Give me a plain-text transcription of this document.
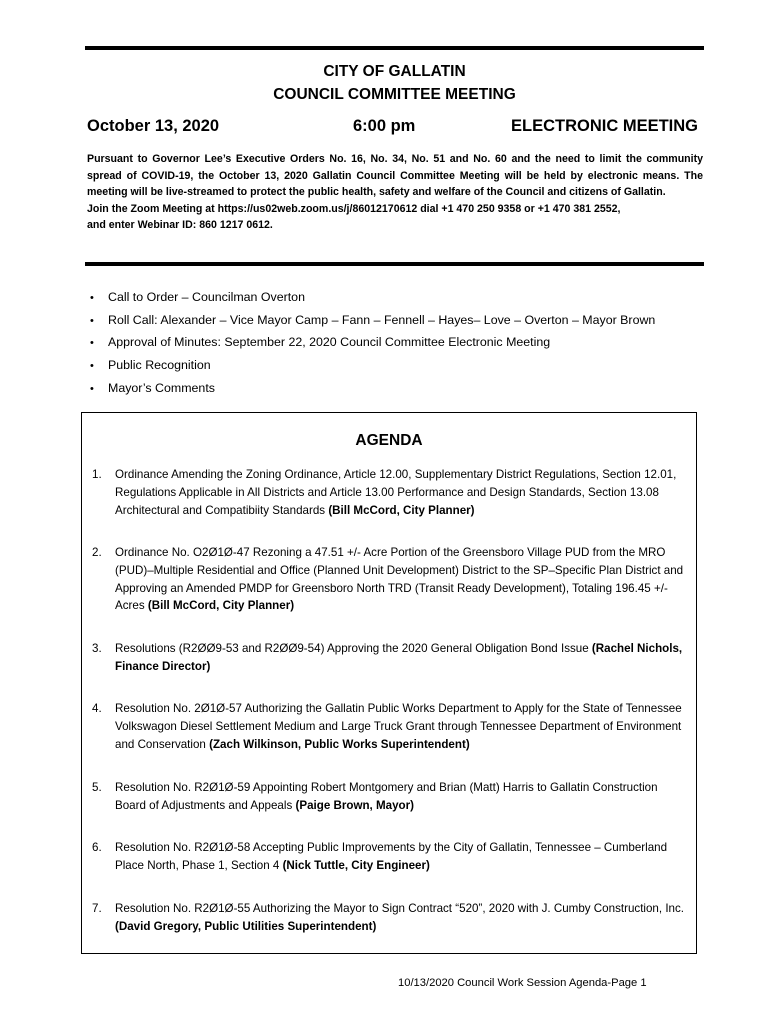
CITY OF GALLATIN
COUNCIL COMMITTEE MEETING
October 13, 2020	6:00 pm	ELECTRONIC MEETING

Pursuant to Governor Lee’s Executive Orders No. 16, No. 34, No. 51 and No. 60 and the need to limit the community spread of COVID-19, the October 13, 2020 Gallatin Council Committee Meeting will be held by electronic means. The meeting will be live-streamed to protect the public health, safety and welfare of the Council and citizens of Gallatin.

Join the Zoom Meeting at https://us02web.zoom.us/j/86012170612 dial +1 470 250 9358 or +1 470 381 2552,
and enter Webinar ID: 860 1217 0612.
• Call to Order – Councilman Overton
• Roll Call: Alexander – Vice Mayor Camp – Fann – Fennell – Hayes– Love – Overton – Mayor Brown
• Approval of Minutes: September 22, 2020 Council Committee Electronic Meeting
• Public Recognition
• Mayor’s Comments
AGENDA
1. Ordinance Amending the Zoning Ordinance, Article 12.00, Supplementary District Regulations, Section 12.01, Regulations Applicable in All Districts and Article 13.00 Performance and Design Standards, Section 13.08 Architectural and Compatibiity Standards (Bill McCord, City Planner)
2. Ordinance No. O2Ø1Ø-47 Rezoning a 47.51 +/- Acre Portion of the Greensboro Village PUD from the MRO (PUD)–Multiple Residential and Office (Planned Unit Development) District to the SP–Specific Plan District and Approving an Amended PMDP for Greensboro North TRD (Transit Ready Development), Totaling 196.45 +/- Acres (Bill McCord, City Planner)
3. Resolutions (R2ØØ9-53 and R2ØØ9-54) Approving the 2020 General Obligation Bond Issue (Rachel Nichols, Finance Director)
4. Resolution No. 2Ø1Ø-57 Authorizing the Gallatin Public Works Department to Apply for the State of Tennessee Volkswagon Diesel Settlement Medium and Large Truck Grant through Tennessee Department of Environment and Conservation (Zach Wilkinson, Public Works Superintendent)
5. Resolution No. R2Ø1Ø-59 Appointing Robert Montgomery and Brian (Matt) Harris to Gallatin Construction Board of Adjustments and Appeals (Paige Brown, Mayor)
6. Resolution No. R2Ø1Ø-58 Accepting Public Improvements by the City of Gallatin, Tennessee – Cumberland Place North, Phase 1, Section 4 (Nick Tuttle, City Engineer)
7. Resolution No. R2Ø1Ø-55 Authorizing the Mayor to Sign Contract “520”, 2020 with J. Cumby Construction, Inc. (David Gregory, Public Utilities Superintendent)
10/13/2020 Council Work Session Agenda-Page 1
